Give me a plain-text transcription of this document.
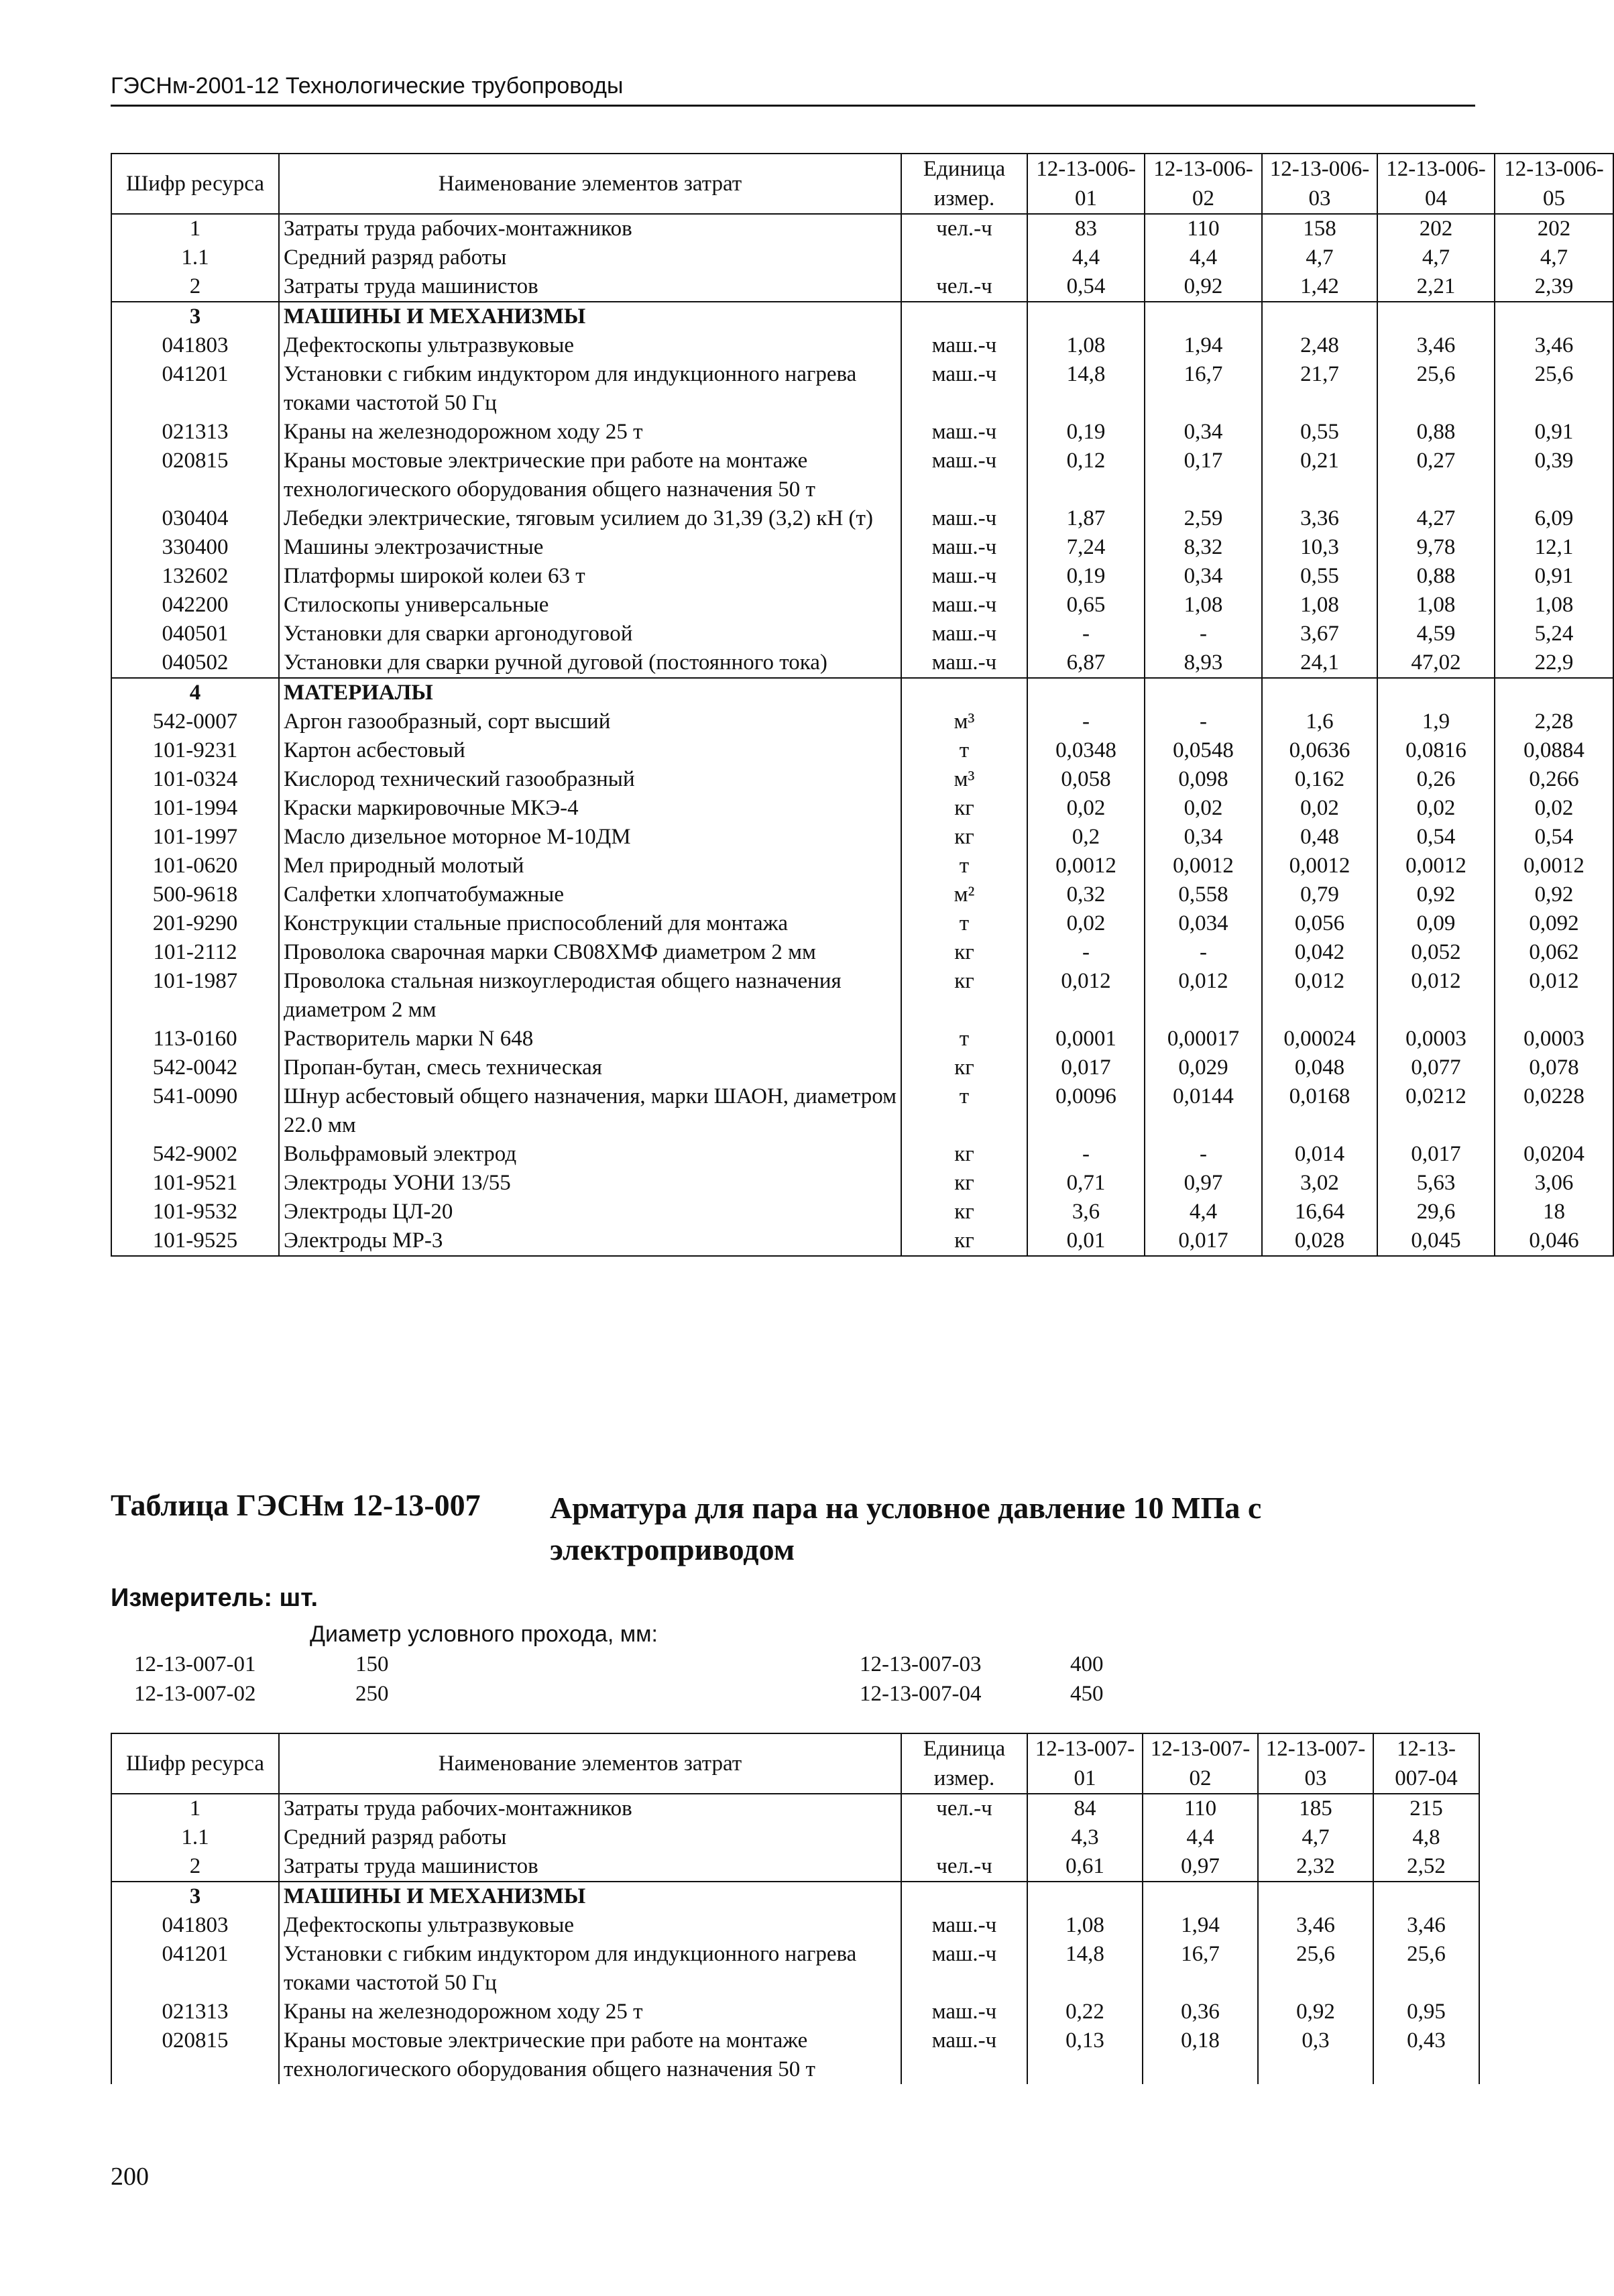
ГЭСНм-2001-12 Технологические трубопроводы
Шифр ресурса	Наименование элементов затрат	Единица измер.	12-13-006-01	12-13-006-02	12-13-006-03	12-13-006-04	12-13-006-05
1	Затраты труда рабочих-монтажников	чел.-ч	83	110	158	202	202
1.1	Средний разряд работы		4,4	4,4	4,7	4,7	4,7
2	Затраты труда машинистов	чел.-ч	0,54	0,92	1,42	2,21	2,39
3	МАШИНЫ И МЕХАНИЗМЫ						
041803	Дефектоскопы ультразвуковые	маш.-ч	1,08	1,94	2,48	3,46	3,46
041201	Установки с гибким индуктором для индукционного нагрева токами частотой 50 Гц	маш.-ч	14,8	16,7	21,7	25,6	25,6
021313	Краны на железнодорожном ходу 25 т	маш.-ч	0,19	0,34	0,55	0,88	0,91
020815	Краны мостовые электрические при работе на монтаже технологического оборудования общего назначения 50 т	маш.-ч	0,12	0,17	0,21	0,27	0,39
030404	Лебедки электрические, тяговым усилием до 31,39 (3,2) кН (т)	маш.-ч	1,87	2,59	3,36	4,27	6,09
330400	Машины электрозачистные	маш.-ч	7,24	8,32	10,3	9,78	12,1
132602	Платформы широкой колеи 63 т	маш.-ч	0,19	0,34	0,55	0,88	0,91
042200	Стилоскопы универсальные	маш.-ч	0,65	1,08	1,08	1,08	1,08
040501	Установки для сварки аргонодуговой	маш.-ч	-	-	3,67	4,59	5,24
040502	Установки для сварки ручной дуговой (постоянного тока)	маш.-ч	6,87	8,93	24,1	47,02	22,9
4	МАТЕРИАЛЫ						
542-0007	Аргон газообразный, сорт высший	м³	-	-	1,6	1,9	2,28
101-9231	Картон асбестовый	т	0,0348	0,0548	0,0636	0,0816	0,0884
101-0324	Кислород технический газообразный	м³	0,058	0,098	0,162	0,26	0,266
101-1994	Краски маркировочные МКЭ-4	кг	0,02	0,02	0,02	0,02	0,02
101-1997	Масло дизельное моторное М-10ДМ	кг	0,2	0,34	0,48	0,54	0,54
101-0620	Мел природный молотый	т	0,0012	0,0012	0,0012	0,0012	0,0012
500-9618	Салфетки хлопчатобумажные	м²	0,32	0,558	0,79	0,92	0,92
201-9290	Конструкции стальные приспособлений для монтажа	т	0,02	0,034	0,056	0,09	0,092
101-2112	Проволока сварочная марки СВ08ХМФ диаметром 2 мм	кг	-	-	0,042	0,052	0,062
101-1987	Проволока стальная низкоуглеродистая общего назначения диаметром 2 мм	кг	0,012	0,012	0,012	0,012	0,012
113-0160	Растворитель марки N 648	т	0,0001	0,00017	0,00024	0,0003	0,0003
542-0042	Пропан-бутан, смесь техническая	кг	0,017	0,029	0,048	0,077	0,078
541-0090	Шнур асбестовый общего назначения, марки ШАОН, диаметром 22.0 мм	т	0,0096	0,0144	0,0168	0,0212	0,0228
542-9002	Вольфрамовый электрод	кг	-	-	0,014	0,017	0,0204
101-9521	Электроды УОНИ 13/55	кг	0,71	0,97	3,02	5,63	3,06
101-9532	Электроды ЦЛ-20	кг	3,6	4,4	16,64	29,6	18
101-9525	Электроды МР-3	кг	0,01	0,017	0,028	0,045	0,046
Таблица ГЭСНм 12-13-007 Арматура для пара на условное давление 10 МПа с электроприводом
Измеритель: шт.
Диаметр условного прохода, мм:
12-13-007-01	150
12-13-007-02	250
12-13-007-03	400
12-13-007-04	450
Шифр ресурса	Наименование элементов затрат	Единица измер.	12-13-007-01	12-13-007-02	12-13-007-03	12-13-007-04
1	Затраты труда рабочих-монтажников	чел.-ч	84	110	185	215
1.1	Средний разряд работы		4,3	4,4	4,7	4,8
2	Затраты труда машинистов	чел.-ч	0,61	0,97	2,32	2,52
3	МАШИНЫ И МЕХАНИЗМЫ					
041803	Дефектоскопы ультразвуковые	маш.-ч	1,08	1,94	3,46	3,46
041201	Установки с гибким индуктором для индукционного нагрева токами частотой 50 Гц	маш.-ч	14,8	16,7	25,6	25,6
021313	Краны на железнодорожном ходу 25 т	маш.-ч	0,22	0,36	0,92	0,95
020815	Краны мостовые электрические при работе на монтаже технологического оборудования общего назначения 50 т	маш.-ч	0,13	0,18	0,3	0,43
200
